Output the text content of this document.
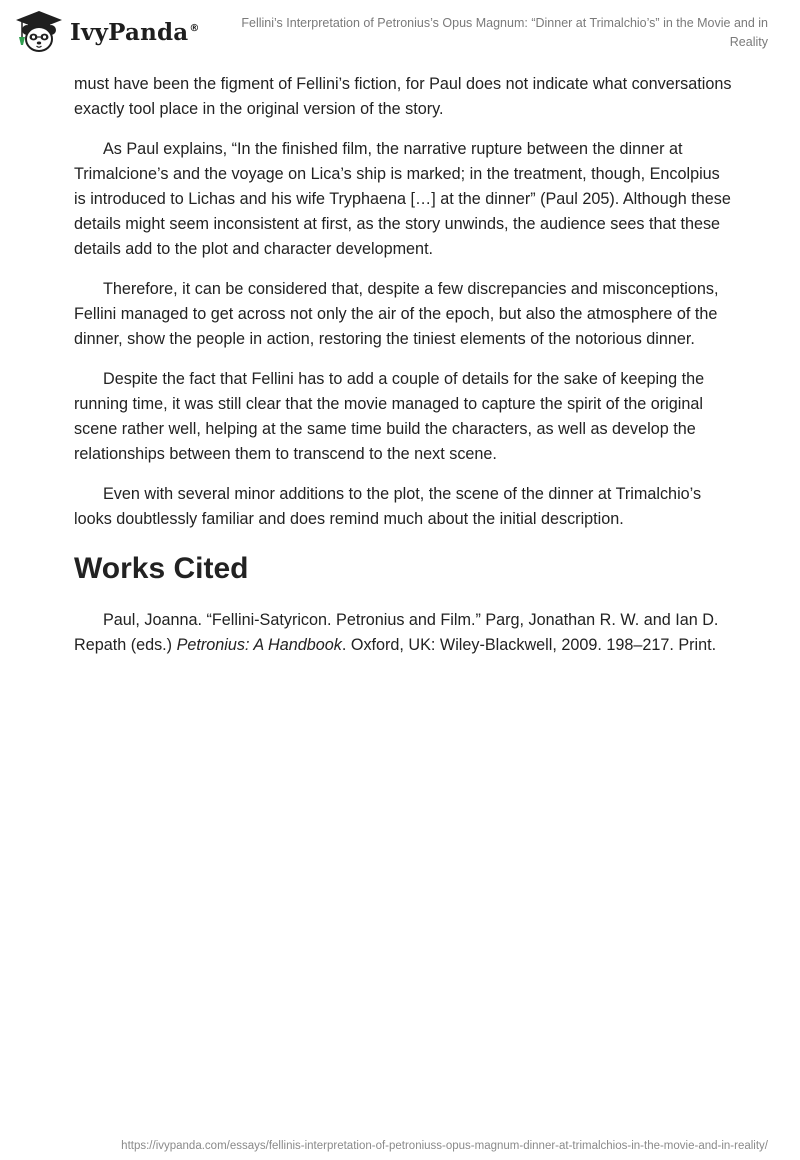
IvyPanda®	Fellini’s Interpretation of Petronius’s Opus Magnum: “Dinner at Trimalchio’s” in the Movie and in Reality

must have been the figment of Fellini’s fiction, for Paul does not indicate what conversations exactly tool place in the original version of the story.

As Paul explains, “In the finished film, the narrative rupture between the dinner at Trimalcione’s and the voyage on Lica’s ship is marked; in the treatment, though, Encolpius is introduced to Lichas and his wife Tryphaena […] at the dinner” (Paul 205). Although these details might seem inconsistent at first, as the story unwinds, the audience sees that these details add to the plot and character development.

Therefore, it can be considered that, despite a few discrepancies and misconceptions, Fellini managed to get across not only the air of the epoch, but also the atmosphere of the dinner, show the people in action, restoring the tiniest elements of the notorious dinner.

Despite the fact that Fellini has to add a couple of details for the sake of keeping the running time, it was still clear that the movie managed to capture the spirit of the original scene rather well, helping at the same time build the characters, as well as develop the relationships between them to transcend to the next scene.

Even with several minor additions to the plot, the scene of the dinner at Trimalchio’s looks doubtlessly familiar and does remind much about the initial description.

Works Cited

Paul, Joanna. “Fellini-Satyricon. Petronius and Film.” Parg, Jonathan R. W. and Ian D. Repath (eds.) Petronius: A Handbook. Oxford, UK: Wiley-Blackwell, 2009. 198–217. Print.

https://ivypanda.com/essays/fellinis-interpretation-of-petroniuss-opus-magnum-dinner-at-trimalchios-in-the-movie-and-in-reality/
